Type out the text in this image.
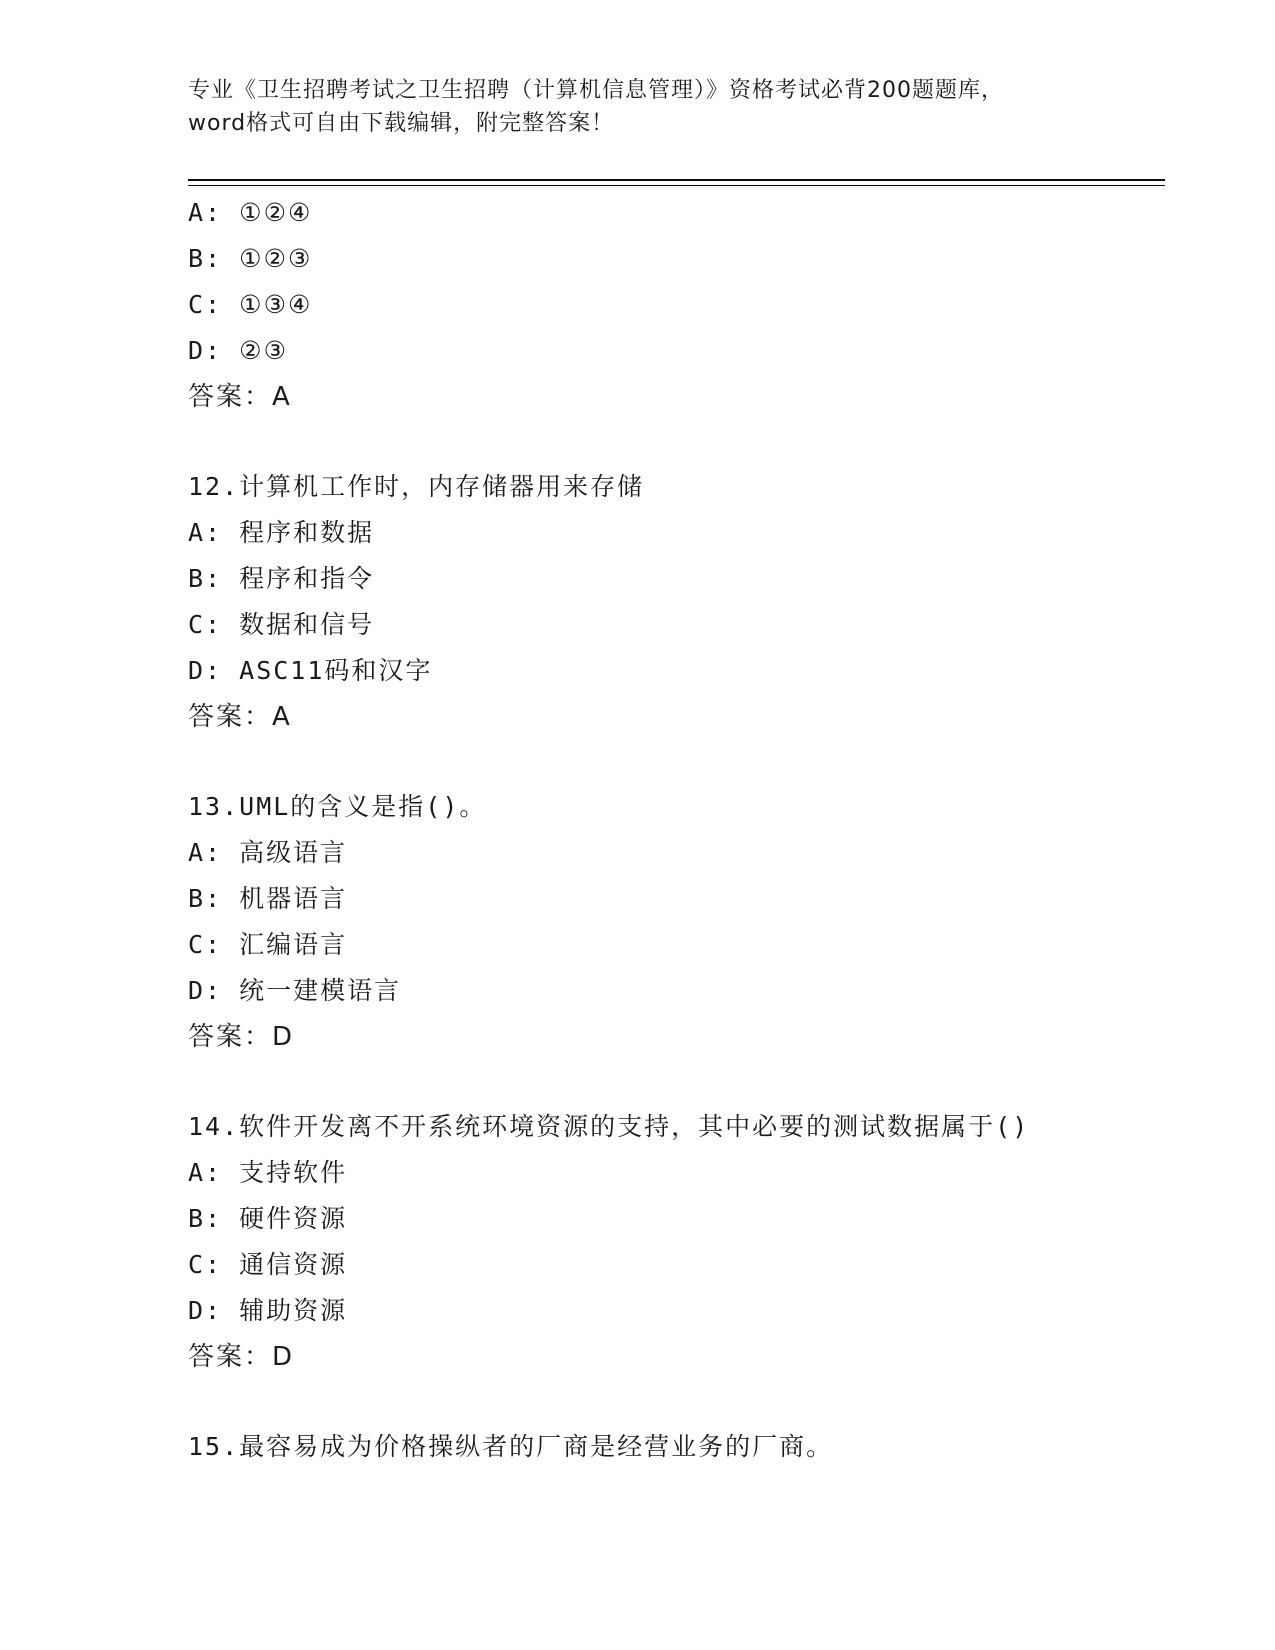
专业《卫生招聘考试之卫生招聘（计算机信息管理）》资格考试必背200题题库，
word格式可自由下载编辑，附完整答案！
A: ①②④
B: ①②③
C: ①③④
D: ②③
答案：A
12.计算机工作时，内存储器用来存储
A: 程序和数据
B: 程序和指令
C: 数据和信号
D: ASC11码和汉字
答案：A
13.UML的含义是指()。
A: 高级语言
B: 机器语言
C: 汇编语言
D: 统一建模语言
答案：D
14.软件开发离不开系统环境资源的支持，其中必要的测试数据属于()
A: 支持软件
B: 硬件资源
C: 通信资源
D: 辅助资源
答案：D
15.最容易成为价格操纵者的厂商是经营业务的厂商。
